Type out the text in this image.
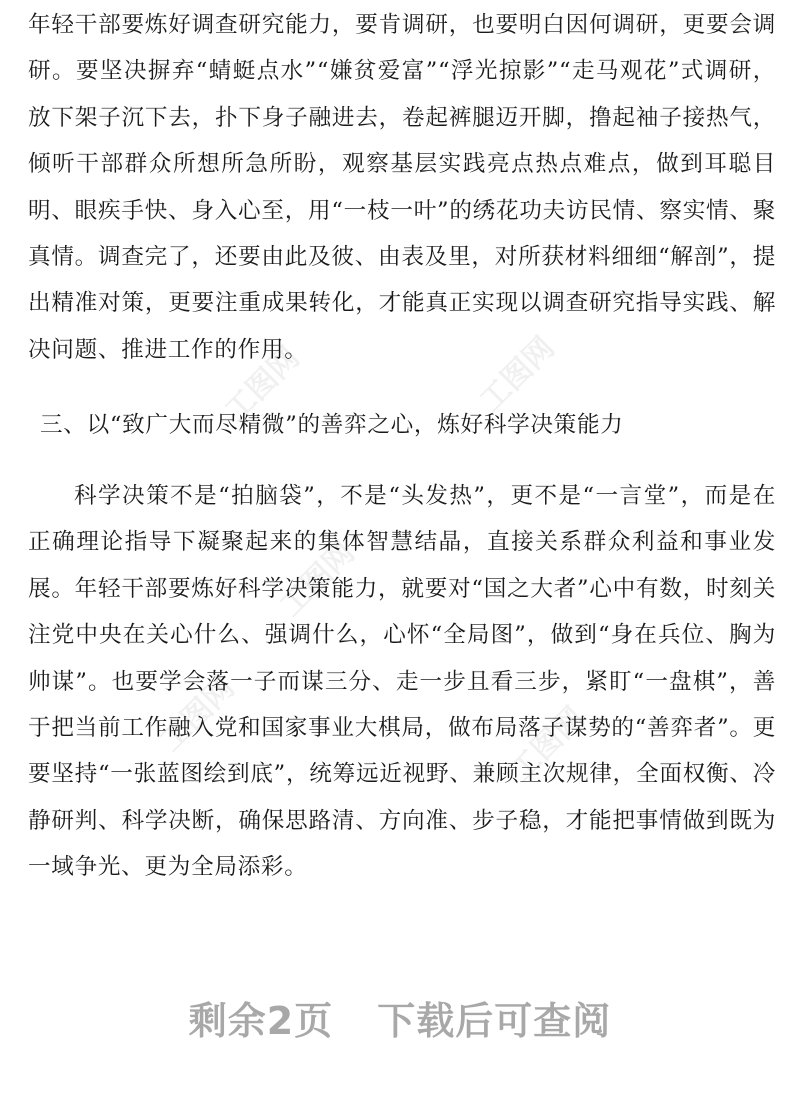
年轻干部要炼好调查研究能力，要肯调研，也要明白因何调研，更要会调研。要坚决摒弃“蜻蜓点水”“嫌贫爱富”“浮光掠影”“走马观花”式调研，放下架子沉下去，扑下身子融进去，卷起裤腿迈开脚，撸起袖子接热气，倾听干部群众所想所急所盼，观察基层实践亮点热点难点，做到耳聪目明、眼疾手快、身入心至，用“一枝一叶”的绣花功夫访民情、察实情、聚真情。调查完了，还要由此及彼、由表及里，对所获材料细细“解剖”，提出精准对策，更要注重成果转化，才能真正实现以调查研究指导实践、解决问题、推进工作的作用。

三、以“致广大而尽精微”的善弈之心，炼好科学决策能力

科学决策不是“拍脑袋”，不是“头发热”，更不是“一言堂”，而是在正确理论指导下凝聚起来的集体智慧结晶，直接关系群众利益和事业发展。年轻干部要炼好科学决策能力，就要对“国之大者”心中有数，时刻关注党中央在关心什么、强调什么，心怀“全局图”，做到“身在兵位、胸为帅谋”。也要学会落一子而谋三分、走一步且看三步，紧盯“一盘棋”，善于把当前工作融入党和国家事业大棋局，做布局落子谋势的“善弈者”。更要坚持“一张蓝图绘到底”，统筹远近视野、兼顾主次规律，全面权衡、冷静研判、科学决断，确保思路清、方向准、步子稳，才能把事情做到既为一域争光、更为全局添彩。

工图网	工图网
工图网
工图网	工图网
剩余2页 下载后可查阅
